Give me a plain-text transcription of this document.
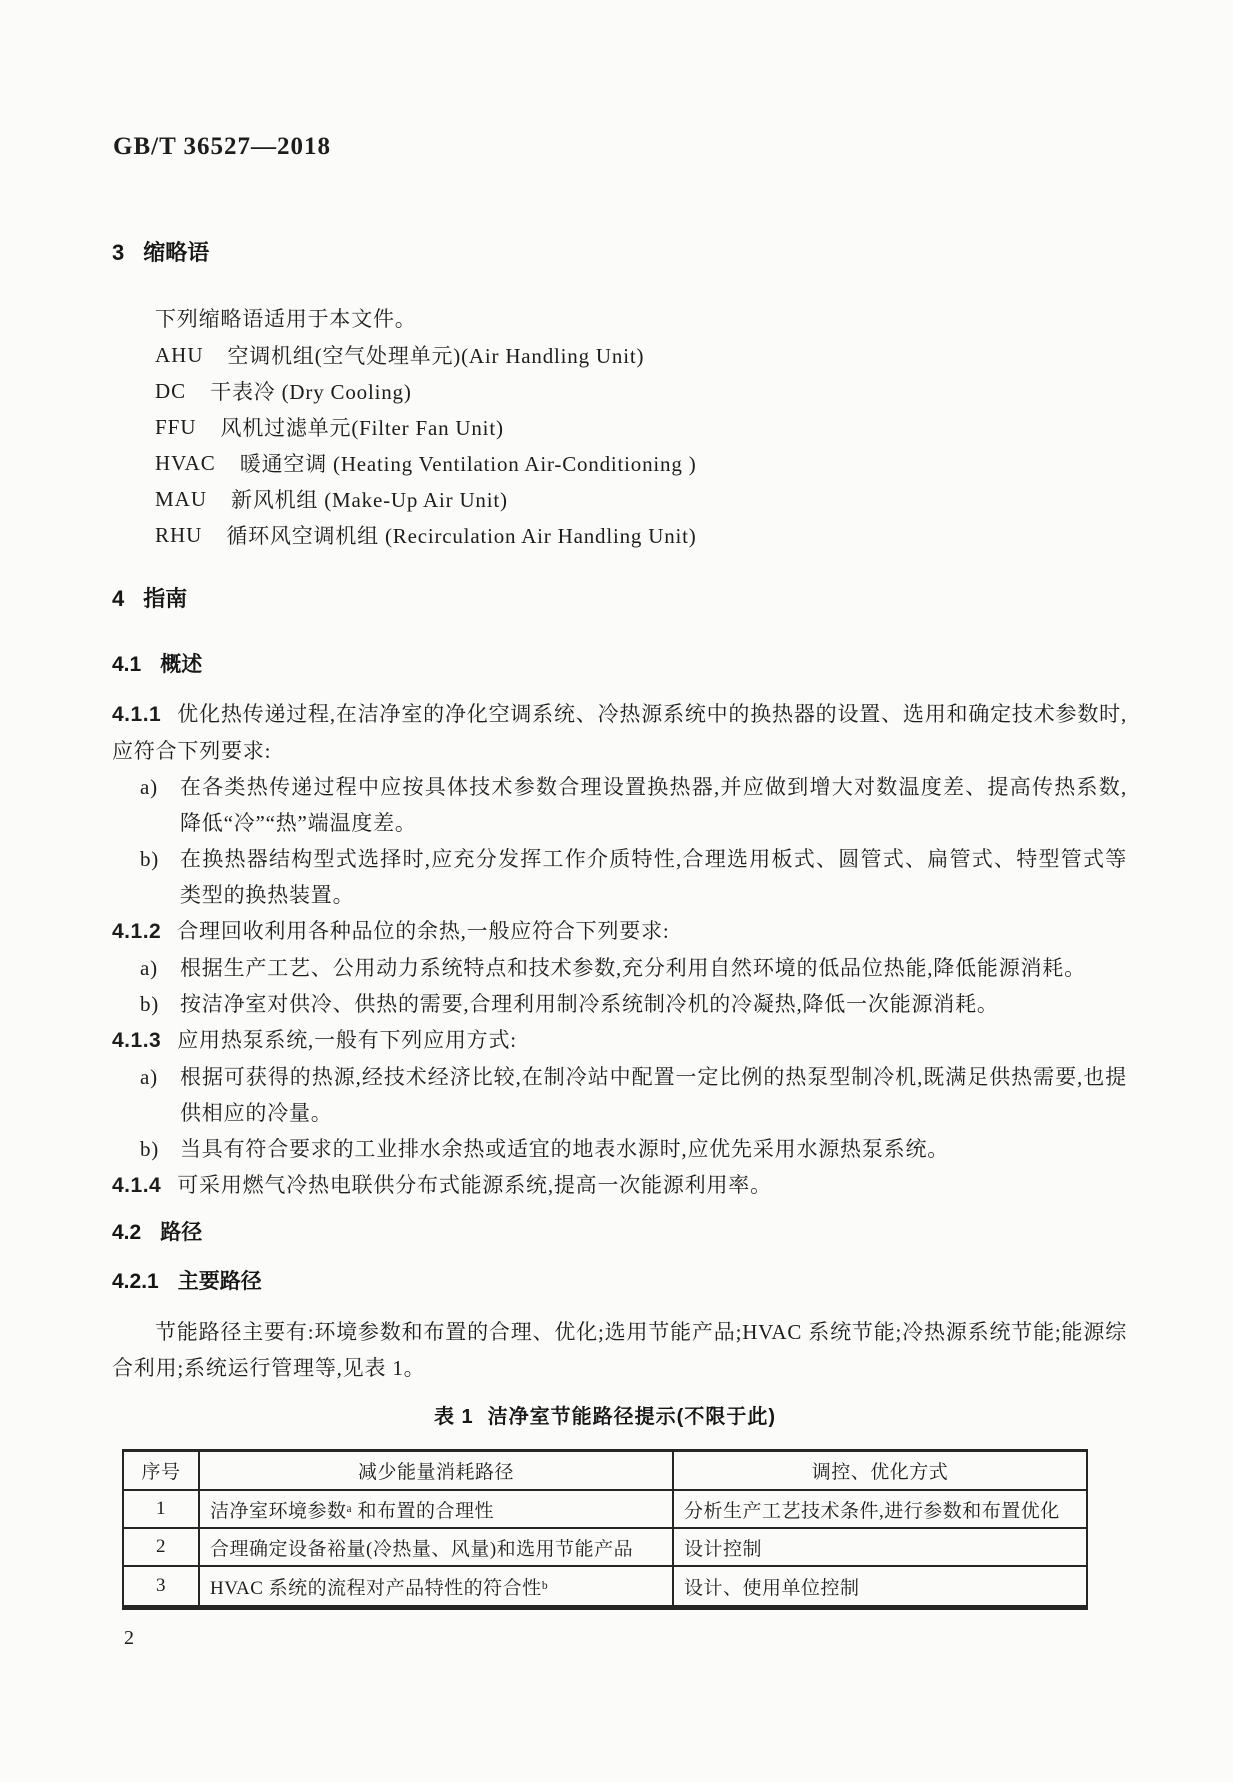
GB/T 36527—2018
3 缩略语

下列缩略语适用于本文件。

AHU 空调机组(空气处理单元)(Air Handling Unit)
DC 干表冷 (Dry Cooling)
FFU 风机过滤单元(Filter Fan Unit)
HVAC 暖通空调 (Heating Ventilation Air-Conditioning )
MAU 新风机组 (Make-Up Air Unit)
RHU 循环风空调机组 (Recirculation Air Handling Unit)
4 指南
4.1 概述

4.1.1 优化热传递过程,在洁净室的净化空调系统、冷热源系统中的换热器的设置、选用和确定技术参数时,应符合下列要求:

a)	在各类热传递过程中应按具体技术参数合理设置换热器,并应做到增大对数温度差、提高传热系数,降低“冷”“热”端温度差。
b) 在换热器结构型式选择时,应充分发挥工作介质特性,合理选用板式、圆管式、扁管式、特型管式等类型的换热装置。

4.1.2 合理回收利用各种品位的余热,一般应符合下列要求:

a)	根据生产工艺、公用动力系统特点和技术参数,充分利用自然环境的低品位热能,降低能源消耗。
b) 按洁净室对供冷、供热的需要,合理利用制冷系统制冷机的冷凝热,降低一次能源消耗。

4.1.3 应用热泵系统,一般有下列应用方式:

a)	根据可获得的热源,经技术经济比较,在制冷站中配置一定比例的热泵型制冷机,既满足供热需要,也提供相应的冷量。
b) 当具有符合要求的工业排水余热或适宜的地表水源时,应优先采用水源热泵系统。

4.1.4 可采用燃气冷热电联供分布式能源系统,提高一次能源利用率。

4.2 路径
4.2.1 主要路径

节能路径主要有:环境参数和布置的合理、优化;选用节能产品;HVAC 系统节能;冷热源系统节能;能源综合利用;系统运行管理等,见表 1。

表 1 洁净室节能路径提示(不限于此)
序号	减少能量消耗路径	调控、优化方式
1	洁净室环境参数ᵃ 和布置的合理性	分析生产工艺技术条件,进行参数和布置优化
2	合理确定设备裕量(冷热量、风量)和选用节能产品	设计控制
3	HVAC 系统的流程对产品特性的符合性ᵇ	设计、使用单位控制
2
